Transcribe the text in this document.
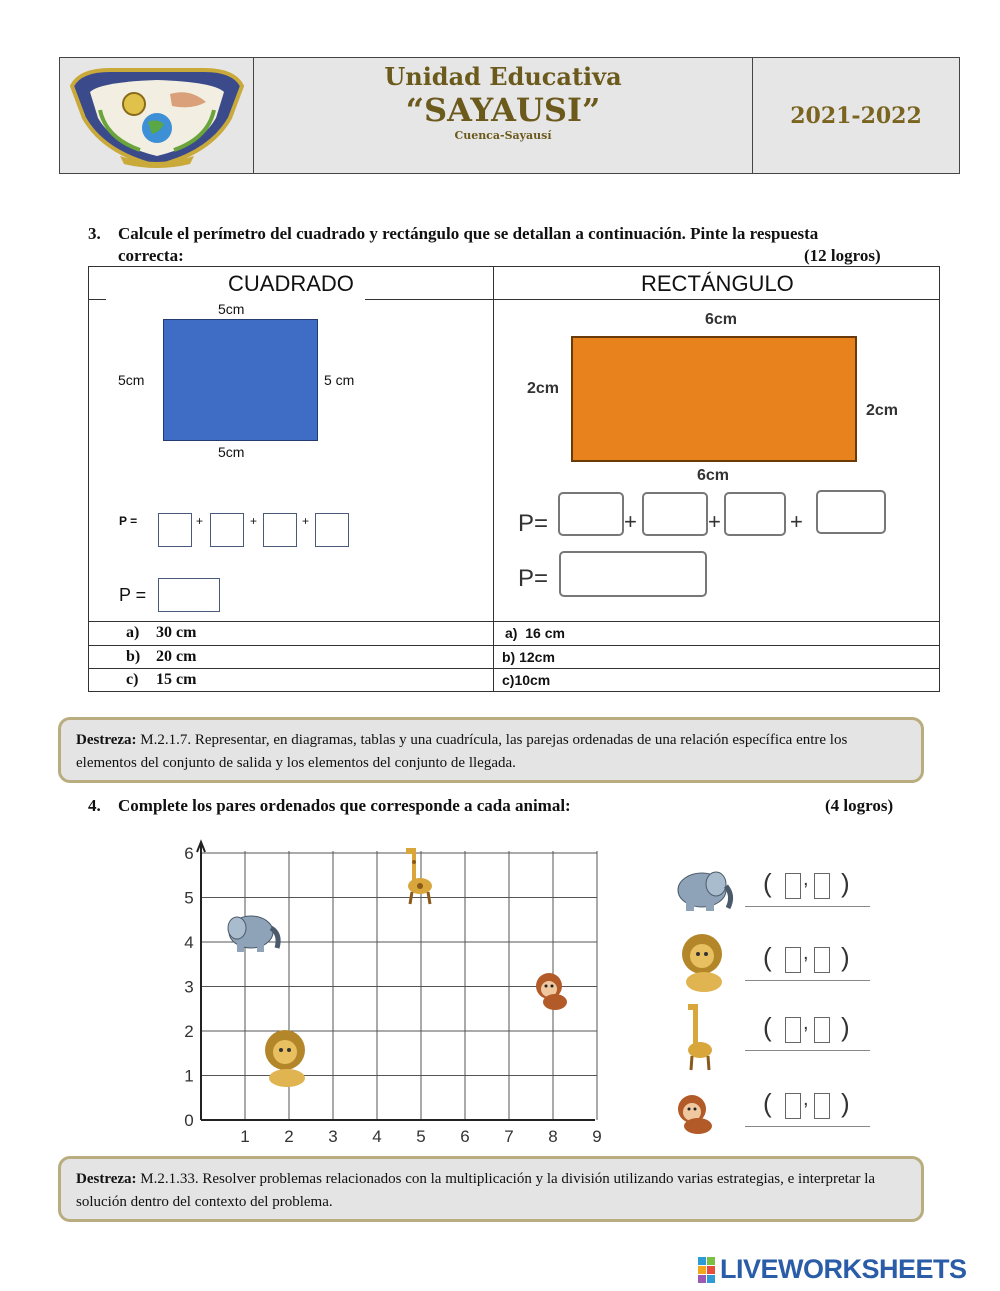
Unidad Educativa
“SAYAUSI”
Cuenca-Sayausí
2021-2022
3. Calcule el perímetro del cuadrado y rectángulo que se detallan a continuación. Pinte la respuesta
correcta:	(12 logros)
CUADRADO
5cm
5cm	5 cm
5cm
P =	+	+	+
P =
RECTÁNGULO
6cm
2cm
2cm
6cm
P=	+	+	+
P=
a) 30 cm
b) 20 cm
c) 15 cm
a)  16 cm
b) 12cm
c)10cm
Destreza: M.2.1.7. Representar, en diagramas, tablas y una cuadrícula, las parejas ordenadas de una relación específica entre los elementos del conjunto de salida y los elementos del conjunto de llegada.
4. Complete los pares ordenados que corresponde a cada animal:	(4 logros)
1 2 3 4 5 6 7 8 9
0
1
2
3
4
5
6
( , )
( , )
( , )
( , )
Destreza: M.2.1.33. Resolver problemas relacionados con la multiplicación y la división utilizando varias estrategias, e interpretar la solución dentro del contexto del problema.
LIVEWORKSHEETS
